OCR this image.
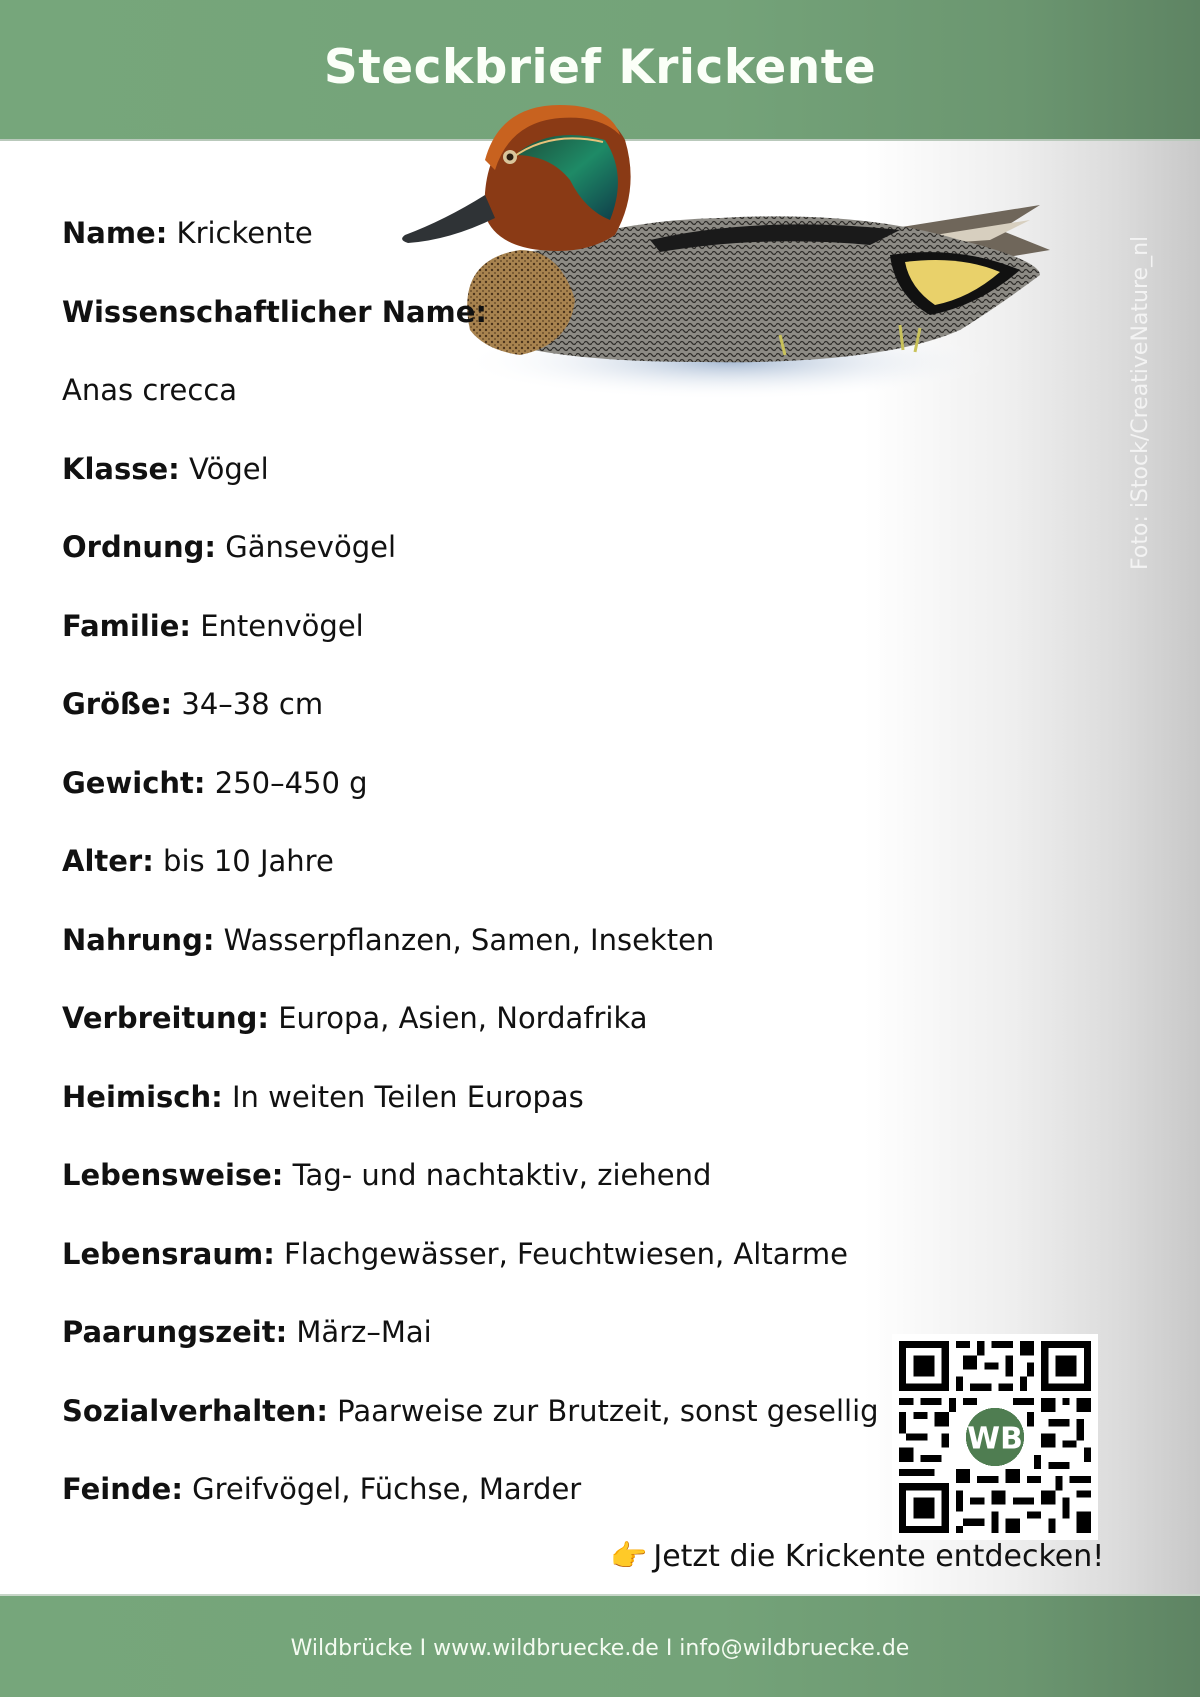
Steckbrief Krickente
Foto: iStock/CreativeNature_nl
Name: Krickente
Wissenschaftlicher Name:
Anas crecca
Klasse: Vögel
Ordnung: Gänsevögel
Familie: Entenvögel
Größe: 34–38 cm
Gewicht: 250–450 g
Alter: bis 10 Jahre
Nahrung: Wasserpflanzen, Samen, Insekten
Verbreitung: Europa, Asien, Nordafrika
Heimisch: In weiten Teilen Europas
Lebensweise: Tag- und nachtaktiv, ziehend
Lebensraum: Flachgewässer, Feuchtwiesen, Altarme
Paarungszeit: März–Mai
Sozialverhalten: Paarweise zur Brutzeit, sonst gesellig
Feinde: Greifvögel, Füchse, Marder
WB
👉 Jetzt die Krickente entdecken!
Wildbrücke I www.wildbruecke.de I info@wildbruecke.de
